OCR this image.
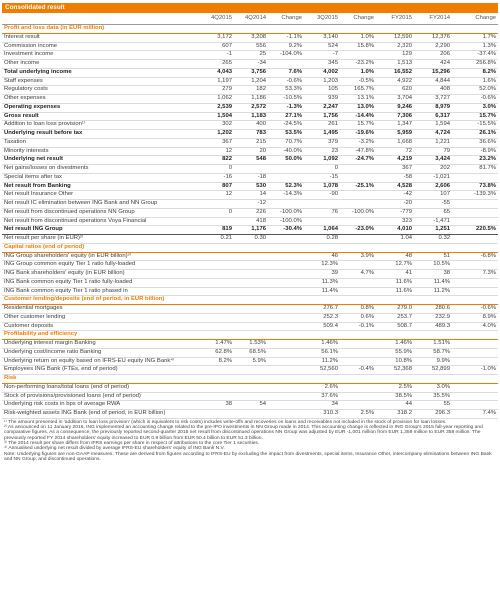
Consolidated result
	4Q2015	4Q2014	Change	3Q2015	Change	FY2015	FY2014	Change
Profit and loss data (in EUR million)								
Interest result	3,172	3,208	-1.1%	3,140	1.0%	12,590	12,376	1.7%
Commission income	607	556	9.2%	524	15.8%	2,320	2,290	1.3%
Investment income	-1	25	-104.0%	-7		129	206	-37.4%
Other income	265	-34		345	-23.2%	1,513	424	256.8%
Total underlying income	4,043	3,756	7.6%	4,002	1.0%	16,552	15,296	8.2%
Staff expenses	1,197	1,204	-0.6%	1,203	-0.5%	4,922	4,844	1.6%
Regulatory costs	279	182	53.3%	105	165.7%	620	408	52.0%
Other expenses	1,062	1,186	-10.5%	939	13.1%	3,704	3,727	-0.6%
Operating expenses	2,539	2,572	-1.3%	2,247	13.0%	9,246	8,979	3.0%
Gross result	1,504	1,183	27.1%	1,756	-14.4%	7,306	6,317	15.7%
Addition to loan loss provision¹⁾	302	400	-24.5%	261	15.7%	1,347	1,594	-15.5%
Underlying result before tax	1,202	783	53.5%	1,495	-19.6%	5,959	4,724	26.1%
Taxation	367	215	70.7%	379	-3.2%	1,668	1,221	36.6%
Minority interests	12	20	-40.0%	23	-47.8%	72	79	-8.9%
Underlying net result	822	548	50.0%	1,092	-24.7%	4,219	3,424	23.2%
Net gains/losses on divestments	0			0		367	202	81.7%
Special items after tax	-16	-18		-15		-58	-1,021	
Net result from Banking	807	530	52.3%	1,078	-25.1%	4,528	2,606	73.8%
Net result Insurance Other	12	14	-14.3%	-90		-42	107	-139.3%
Net result IC elimination between ING Bank and NN Group		-12				-20	-55	
Net result from discontinued operations NN Group	0	226	-100.0%	76	-100.0%	-779	65	
Net result from discontinued operations Voya Financial		418	-100.0%			323	-1,471	
Net result ING Group	819	1,176	-30.4%	1,064	-23.0%	4,010	1,251	220.5%
Net result per share (in EUR)²⁾	0.21	0.30		0.28		1.04	0.32	
Capital ratios (end of period)								
ING Group shareholders' equity (in EUR billion)³⁾				46	3.9%	48	51	-6.8%
ING Group common equity Tier 1 ratio fully-loaded				12.3%		12.7%	10.5%	
ING Bank shareholders' equity (in EUR billion)				39	4.7%	41	38	7.3%
ING Bank common equity Tier 1 ratio fully-loaded				11.3%		11.6%	11.4%	
ING Bank common equity Tier 1 ratio phased in				11.4%		11.6%	11.2%	
Customer lending/deposits (end of period, in EUR billion)								
Residential mortgages				276.7	0.8%	279.0	280.6	-0.6%
Other customer lending				252.3	0.6%	253.7	232.9	8.9%
Customer deposits				509.4	-0.1%	508.7	489.3	4.0%
Profitability and efficiency								
Underlying interest margin Banking	1.47%	1.53%		1.46%		1.46%	1.51%	
Underlying cost/income ratio Banking	62.8%	68.5%		56.1%		55.9%	58.7%	
Underlying return on equity based on IFRS-EU equity ING Bank⁴⁾	8.2%	5.9%		11.2%		10.8%	9.9%	
Employees ING Bank (FTEs, end of period)				52,560	-0.4%	52,368	52,899	-1.0%
Risk								
Non-performing loans/total loans (end of period)				2.6%		2.5%	3.0%	
Stock of provisions/provisioned loans (end of period)				37.6%		38.5%	35.5%	
Underlying risk costs in bps of average RWA	38	54		34		44	55	
Risk-weighted assets ING Bank (end of period, in EUR billion)				310.3	2.5%	318.2	296.3	7.4%

¹⁾ The amount presented in 'addition to loan loss provision' (which is equivalent to risk costs) includes write-offs and recoveries on loans and receivables not included in the stock of provision for loan losses.

²⁾ As announced on 11 January 2016, ING implemented an accounting change related to the pre-IPO investments in NN Group made in 2014. This accounting change is reflected in ING Group's 2015 full-year reporting and comparative figures. As a consequence, the previously reported second-quarter 2015 net result from discontinued operations NN Group was adjusted by EUR -1,001 million from EUR 1,359 million to EUR 358 million. The previously reported FY 2014 shareholders' equity increased to EUR 0.9 billion from EUR 50.4 billion to EUR 51.3 billion.

³⁾ The 2014 result per share differs from IFRS earnings per share in respect of attributions to the core Tier 1 securities.

⁴⁾ Annualised underlying net result divided by average IFRS-EU shareholders' equity of ING Bank N.V.

Note: Underlying figures are non-GAAP measures. These are derived from figures according to IFRS-EU by excluding the impact from divestments, special items, Insurance Other, intercompany eliminations between ING Bank and NN Group, and discontinued operations.
